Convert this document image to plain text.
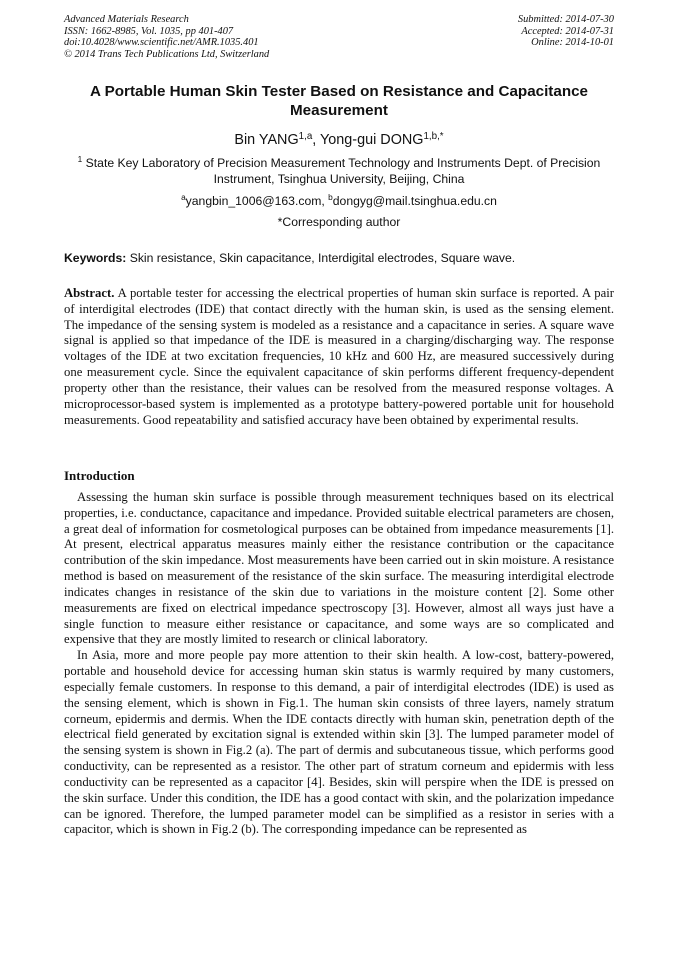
Advanced Materials Research
ISSN: 1662-8985, Vol. 1035, pp 401-407
doi:10.4028/www.scientific.net/AMR.1035.401
© 2014 Trans Tech Publications Ltd, Switzerland
Submitted: 2014-07-30
Accepted: 2014-07-31
Online: 2014-10-01
A Portable Human Skin Tester Based on Resistance and Capacitance Measurement
Bin YANG$^{1,a}$, Yong-gui $DONG^{1,b,*}$
$^1$ State Key Laboratory of Precision Measurement Technology and Instruments Dept. of Precision Instrument, Tsinghua University, Beijing, China
$^a$yangbin_1006@163.com, $^b$dongyg@mail.tsinghua.edu.cn
*Corresponding author
Keywords: Skin resistance, Skin capacitance, Interdigital electrodes, Square wave.
Abstract. A portable tester for accessing the electrical properties of human skin surface is reported. A pair of interdigital electrodes (IDE) that contact directly with the human skin, is used as the sensing element. The impedance of the sensing system is modeled as a resistance and a capacitance in series. A square wave signal is applied so that impedance of the IDE is measured in a charging/discharging way. The response voltages of the IDE at two excitation frequencies, 10 kHz and 600 Hz, are measured successively during one measurement cycle. Since the equivalent capacitance of skin performs different frequency-dependent property other than the resistance, their values can be resolved from the measured response voltages. A microprocessor-based system is implemented as a prototype battery-powered portable unit for household measurements. Good repeatability and satisfied accuracy have been obtained by experimental results.
Introduction

Assessing the human skin surface is possible through measurement techniques based on its electrical properties, i.e. conductance, capacitance and impedance. Provided suitable electrical parameters are chosen, a great deal of information for cosmetological purposes can be obtained from impedance measurements [1]. At present, electrical apparatus measures mainly either the resistance contribution or the capacitance contribution of the skin impedance. Most measurements have been carried out in skin moisture. A resistance method is based on measurement of the resistance of the skin surface. The measuring interdigital electrode indicates changes in resistance of the skin due to variations in the moisture content [2]. Some other measurements are fixed on electrical impedance spectroscopy [3]. However, almost all ways just have a single function to measure either resistance or capacitance, and some ways are so complicated and expensive that they are mostly limited to research or clinical laboratory.

In Asia, more and more people pay more attention to their skin health. A low-cost, battery-powered, portable and household device for accessing human skin status is warmly required by many customers, especially female customers. In response to this demand, a pair of interdigital electrodes (IDE) is used as the sensing element, which is shown in Fig.1. The human skin consists of three layers, namely stratum corneum, epidermis and dermis. When the IDE contacts directly with human skin, penetration depth of the electrical field generated by excitation signal is extended within skin [3]. The lumped parameter model of the sensing system is shown in Fig.2 (a). The part of dermis and subcutaneous tissue, which performs good conductivity, can be represented as a resistor. The other part of stratum corneum and epidermis with less conductivity can be represented as a capacitor [4]. Besides, skin will perspire when the IDE is pressed on the skin surface. Under this condition, the IDE has a good contact with skin, and the polarization impedance can be ignored. Therefore, the lumped parameter model can be simplified as a resistor in series with a capacitor, which is shown in Fig.2 (b). The corresponding impedance can be represented as
